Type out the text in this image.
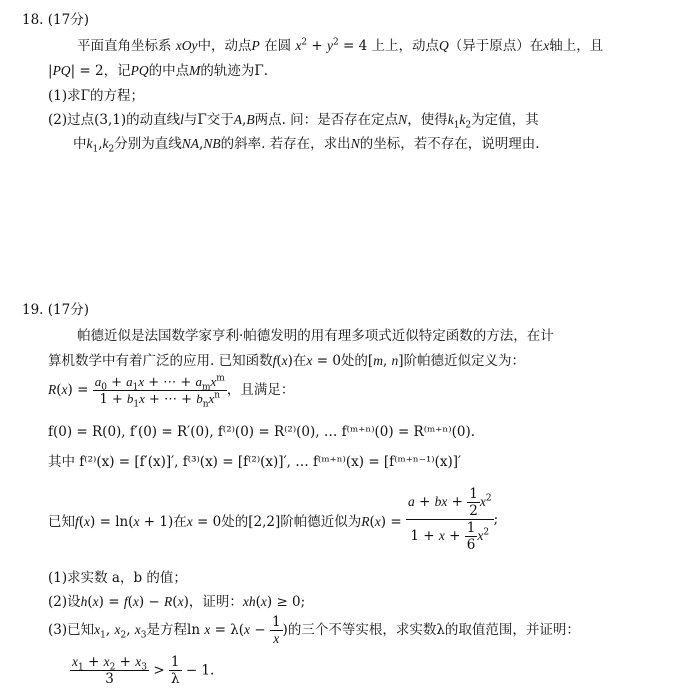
18. (17分)
平面直角坐标系 xOy中，动点P 在圆 $x^2 + y^2 = 4$ 上上，动点Q（异于原点）在x轴上，且
|PQ| = 2，记PQ的中点M的轨迹为Γ.
(1)求Γ的方程；
(2)过点(3,1)的动直线l与Γ交于A,B两点. 问：是否存在定点N，使得$k_1k_2$为定值，其
中$k_1,k_2$分别为直线NA,NB的斜率. 若存在，求出N的坐标，若不存在，说明理由.
19. (17分)
帕德近似是法国数学家亨利·帕德发明的用有理多项式近似特定函数的方法，在计
算机数学中有着广泛的应用. 已知函数f(x)在x = 0处的[m, n]阶帕德近似定义为：
$R(x) = \frac{a_0 + a_1x + \cdots + a_mx^m}{1 + b_1x + \cdots + b_nx^n}$ ，且满足：
f(0) = R(0), f′(0) = R′(0), f⁽²⁾(0) = R⁽²⁾(0), … f⁽ᵐ⁺ⁿ⁾(0) = R⁽ᵐ⁺ⁿ⁾(0).
其中 f⁽²⁾(x) = [f′(x)]′, f⁽³⁾(x) = [f⁽²⁾(x)]′, … f⁽ᵐ⁺ⁿ⁾(x) = [f⁽ᵐ⁺ⁿ⁻¹⁾(x)]′
已知f(x) = ln(x + 1)在x = 0处的[2,2]阶帕德近似为$R(x) = \frac{a + bx + \frac{1}{2} x^2}{1 + x + \frac{1}{6} x^2}$ ;
(1)求实数 a，b 的值；
(2)设h(x) = f(x) − R(x)，证明：xh(x) ≥ 0;
(3)已知$x_1$, $x_2$, $x_3$是方程$\ln x = \lambda(x - \frac{1}{x}$ )的三个不等实根，求实数λ的取值范围，并证明：
$\frac{x_1 + x_2 + x_3}{3} > \frac{1}{\lambda} - 1$.
